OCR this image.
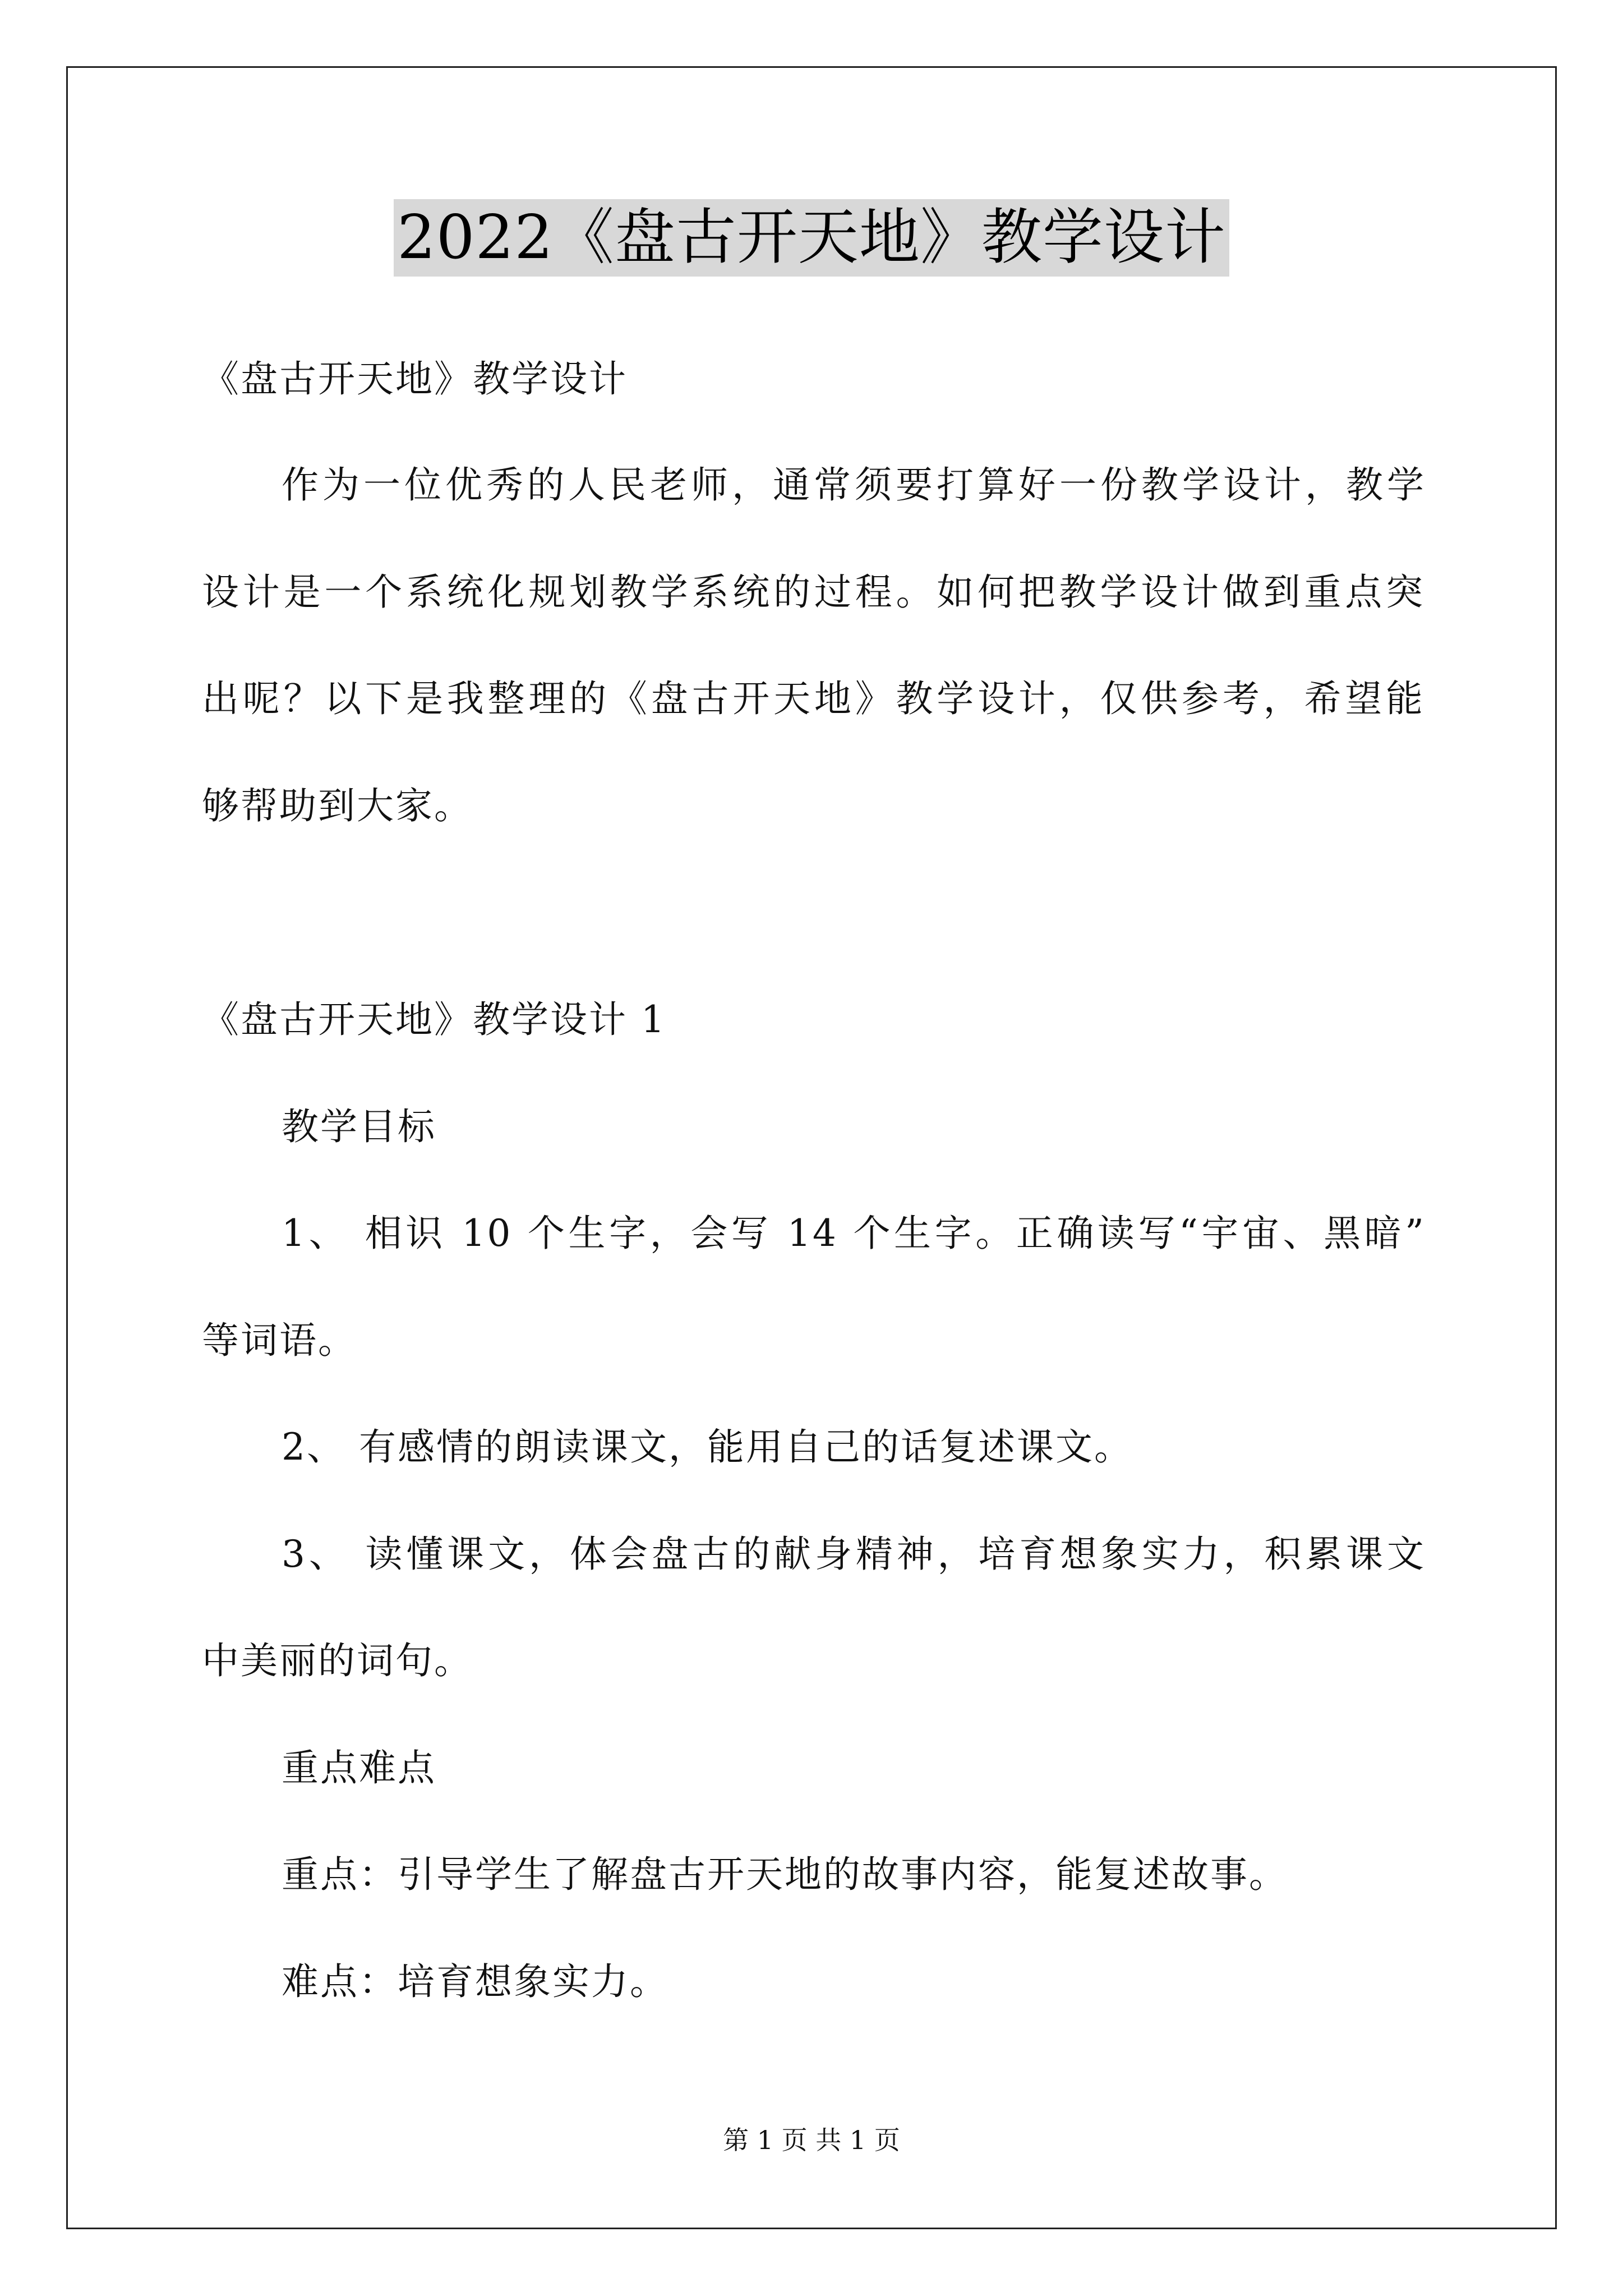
2022《盘古开天地》教学设计
《盘古开天地》教学设计
作为一位优秀的人民老师，通常须要打算好一份教学设计，教学
设计是一个系统化规划教学系统的过程。如何把教学设计做到重点突
出呢？以下是我整理的《盘古开天地》教学设计，仅供参考，希望能
够帮助到大家。
《盘古开天地》教学设计 1
教学目标
1、 相识 10 个生字，会写 14 个生字。正确读写“宇宙、黑暗”
等词语。
2、 有感情的朗读课文，能用自己的话复述课文。
3、 读懂课文，体会盘古的献身精神，培育想象实力，积累课文
中美丽的词句。
重点难点
重点：引导学生了解盘古开天地的故事内容，能复述故事。
难点：培育想象实力。
第 1 页 共 1 页
